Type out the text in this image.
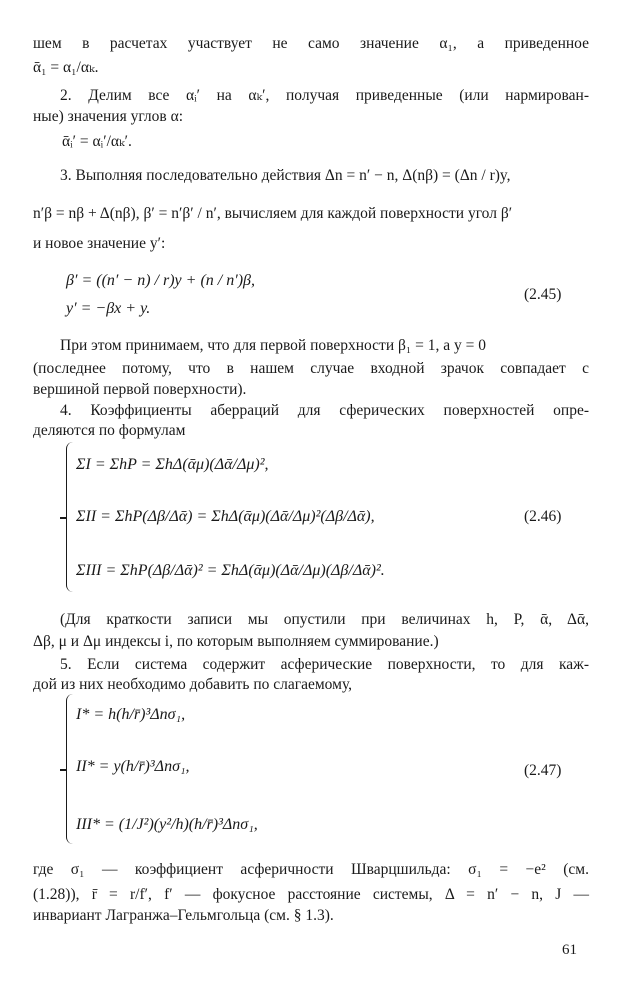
шем в расчетах участвует не само значение α₁, а приведенное
ᾱ₁ = α₁/αₖ.
2. Делим все αᵢ′ на αₖ′, получая приведенные (или нармирован-
ные) значения углов α:
ᾱᵢ′ = αᵢ′/αₖ′.
3. Выполняя последовательно действия Δn = n′ − n, Δ(nβ) = (Δn / r)y,
n′β = nβ + Δ(nβ), β′ = n′β′ / n′, вычисляем для каждой поверхности угол β′
и новое значение y′:
β′ = ((n′ − n) / r)y + (n / n′)β,
y′ = −βx + y.
(2.45)
При этом принимаем, что для первой поверхности β₁ = 1, а y = 0
(последнее потому, что в нашем случае входной зрачок совпадает с
вершиной первой поверхности).
4. Коэффициенты аберраций для сферических поверхностей опре-
деляются по формулам
ΣI = ΣhP = ΣhΔ(ᾱμ)(Δᾱ/Δμ)²,
ΣII = ΣhP(Δβ/Δᾱ) = ΣhΔ(ᾱμ)(Δᾱ/Δμ)²(Δβ/Δᾱ),
ΣIII = ΣhP(Δβ/Δᾱ)² = ΣhΔ(ᾱμ)(Δᾱ/Δμ)(Δβ/Δᾱ)².
(2.46)
(Для краткости записи мы опустили при величинах h, P, ᾱ, Δᾱ,
Δβ, μ и Δμ индексы i, по которым выполняем суммирование.)
5. Если система содержит асферические поверхности, то для каж-
дой из них необходимо добавить по слагаемому,
I* = h(h/r̄)³Δnσ₁,
II* = y(h/r̄)³Δnσ₁,
III* = (1/J²)(y²/h)(h/r̄)³Δnσ₁,
(2.47)
где σ₁ — коэффициент асферичности Шварцшильда: σ₁ = −e² (см.
(1.28)), r̄ = r/f′, f′ — фокусное расстояние системы, Δ = n′ − n, J —
инвариант Лагранжа–Гельмгольца (см. § 1.3).
61
